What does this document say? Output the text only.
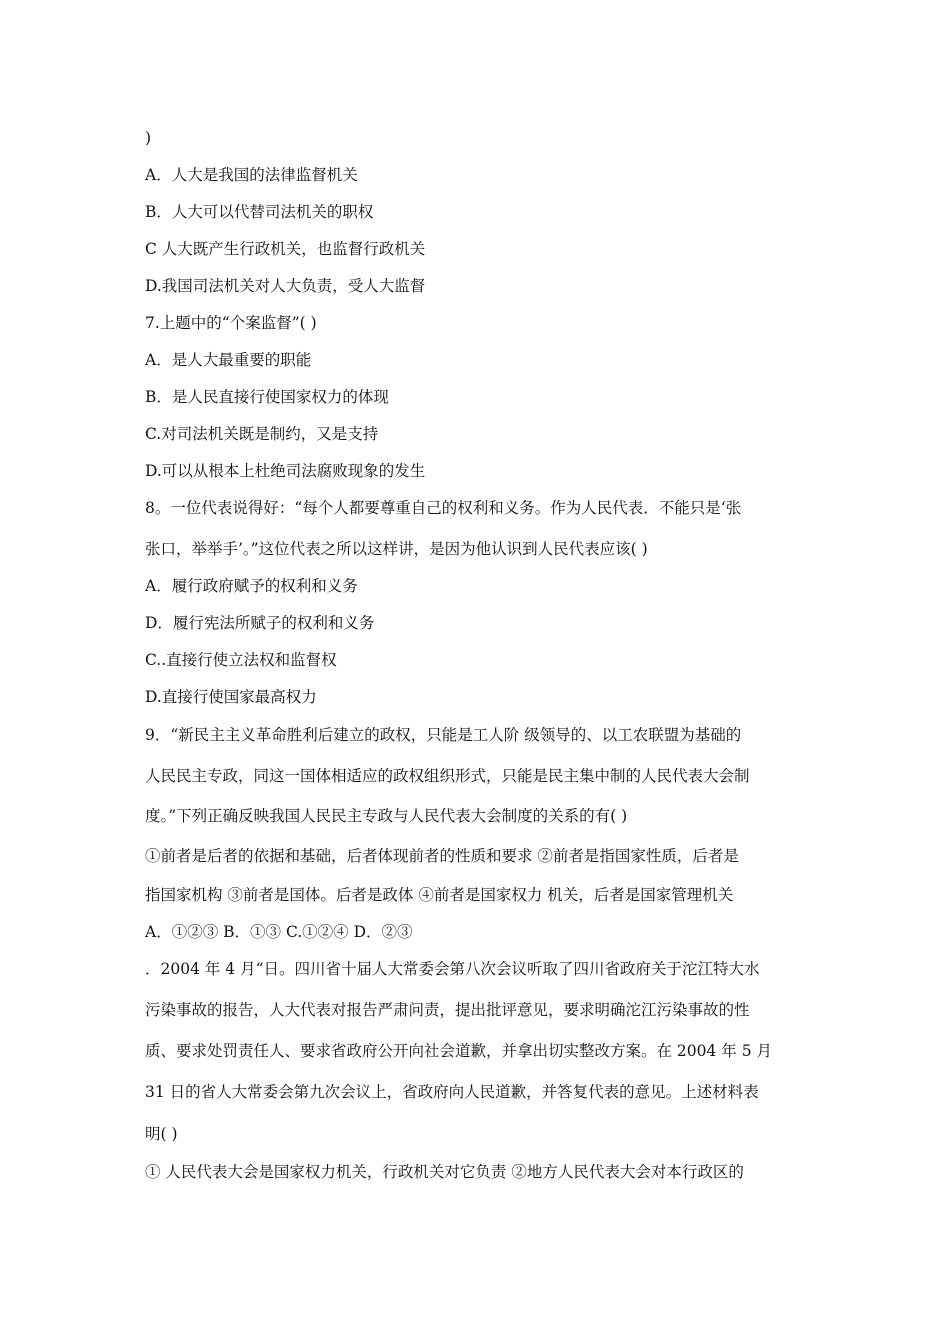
)
A．人大是我国的法律监督机关
B．人大可以代替司法机关的职权
C 人大既产生行政机关，也监督行政机关
D.我国司法机关对人大负责，受人大监督
7.上题中的“个案监督”( )
A．是人大最重要的职能
B．是人民直接行使国家权力的体现
C.对司法机关既是制约，又是支持
D.可以从根本上杜绝司法腐败现象的发生
8。一位代表说得好：“每个人都要尊重自己的权利和义务。作为人民代表．不能只是‘张
张口，举举手’。”这位代表之所以这样讲，是因为他认识到人民代表应该( )
A．履行政府赋予的权利和义务
D．履行宪法所赋子的权利和义务
C..直接行使立法权和监督权
D.直接行使国家最高权力
9．“新民主主义革命胜利后建立的政权，只能是工人阶 级领导的、以工农联盟为基础的
人民民主专政，同这一国体相适应的政权组织形式，只能是民主集中制的人民代表大会制
度。”下列正确反映我国人民民主专政与人民代表大会制度的关系的有( )
①前者是后者的依据和基础，后者体现前者的性质和要求 ②前者是指国家性质，后者是
指国家机构 ③前者是国体。后者是政体 ④前者是国家权力 机关，后者是国家管理机关
A．①②③ B．①③ C.①②④ D．②③
．2004 年 4 月“日。四川省十届人大常委会第八次会议听取了四川省政府关于沱江特大水
污染事故的报告，人大代表对报告严肃问责，提出批评意见，要求明确沱江污染事故的性
质、要求处罚责任人、要求省政府公开向社会道歉，并拿出切实整改方案。在 2004 年 5 月
31 日的省人大常委会第九次会议上，省政府向人民道歉，并答复代表的意见。上述材料表
明( )
① 人民代表大会是国家权力机关，行政机关对它负责 ②地方人民代表大会对本行政区的
